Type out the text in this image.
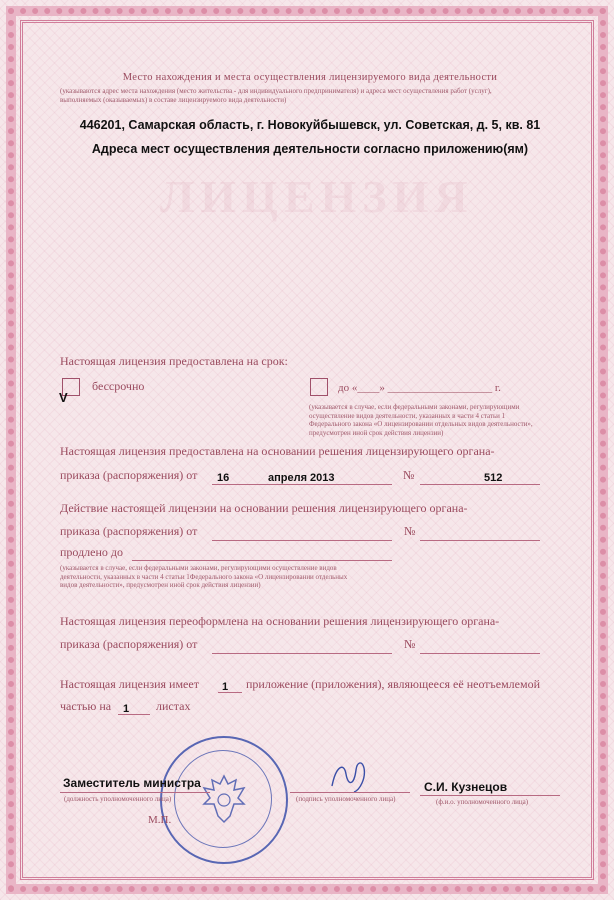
ЛИЦЕНЗИЯ
Место нахождения и места осуществления лицензируемого вида деятельности
(указываются адрес места нахождения (место жительства - для индивидуального предпринимателя) и адреса мест осуществления работ (услуг),
выполняемых (оказываемых) в составе лицензируемого вида деятельности)
446201, Самарская область, г. Новокуйбышевск, ул. Советская, д. 5, кв. 81
Адреса мест осуществления деятельности согласно приложению(ям)
Настоящая лицензия предоставлена на срок:
V
бессрочно	до «____» ___________________ г.
(указывается в случае, если федеральными законами, регулирующими
осуществление видов деятельности, указанных в части 4 статьи 1
Федерального закона «О лицензировании отдельных видов деятельности»,
предусмотрен иной срок действия лицензии)
Настоящая лицензия предоставлена на основании решения лицензирующего органа-
приказа (распоряжения) от 16	апреля 2013	№	512
Действие настоящей лицензии на основании решения лицензирующего органа-
приказа (распоряжения) от	№
продлено до
(указывается в случае, если федеральными законами, регулирующими осуществление видов
деятельности, указанных в части 4 статьи 1Федерального закона «О лицензировании отдельных
видов деятельности», предусмотрен иной срок действия лицензии)
Настоящая лицензия переоформлена на основании решения лицензирующего органа-
приказа (распоряжения) от	№
Настоящая лицензия имеет 1 приложение (приложения), являющееся её неотъемлемой
частью на 1 листах
Заместитель министра
(должность уполномоченного лица)	(подпись уполномоченного лица)
С.И. Кузнецов
(ф.и.о. уполномоченного лица)
М.П.
